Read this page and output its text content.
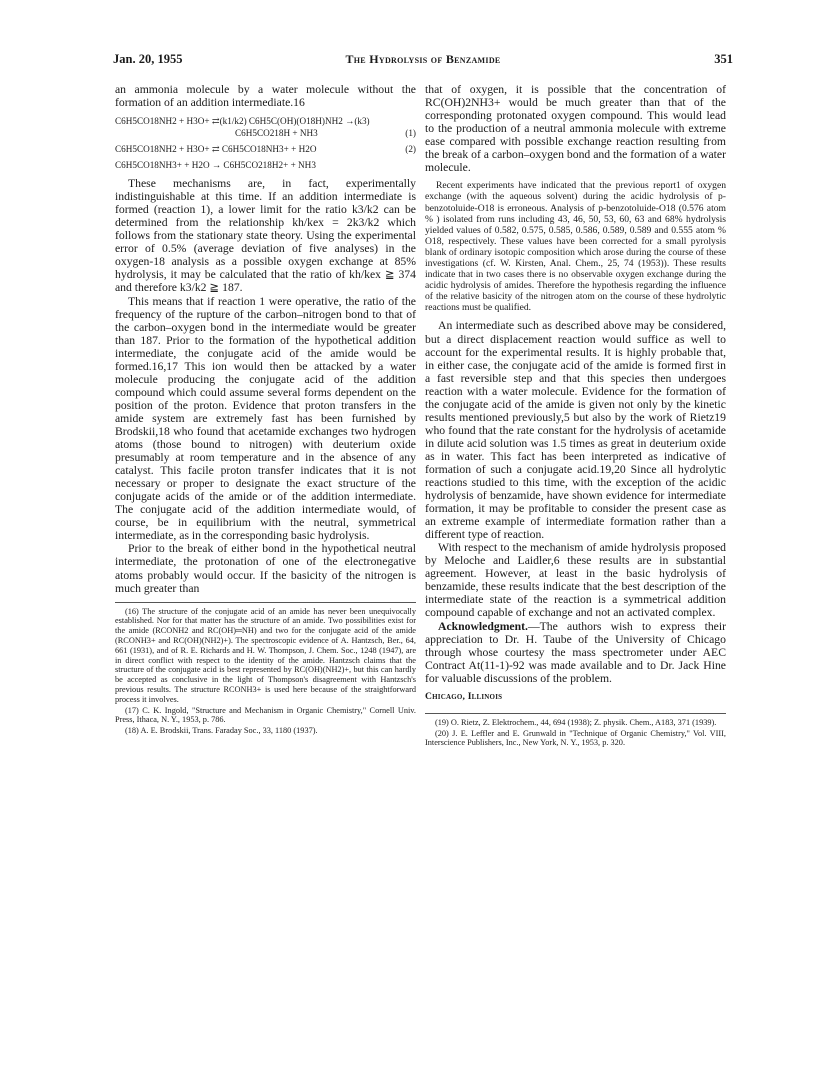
Jan. 20, 1955	The Hydrolysis of Benzamide	351

an ammonia molecule by a water molecule without the formation of an addition intermediate.16

C6H5CO18NH2 + H3O+ ⇄(k1/k2) C6H5C(OH)(O18H)NH2 →(k3)
C6H5CO218H + NH3	(1)
C6H5CO18NH2 + H3O+ ⇄ C6H5CO18NH3+ + H2O	(2)
C6H5CO18NH3+ + H2O → C6H5CO218H2+ + NH3

These mechanisms are, in fact, experimentally indistinguishable at this time. If an addition intermediate is formed (reaction 1), a lower limit for the ratio k3/k2 can be determined from the relationship kh/kex = 2k3/k2 which follows from the stationary state theory. Using the experimental error of 0.5% (average deviation of five analyses) in the oxygen-18 analysis as a possible oxygen exchange at 85% hydrolysis, it may be calculated that the ratio of kh/kex ≧ 374 and therefore k3/k2 ≧ 187.

This means that if reaction 1 were operative, the ratio of the frequency of the rupture of the carbon–nitrogen bond to that of the carbon–oxygen bond in the intermediate would be greater than 187. Prior to the formation of the hypothetical addition intermediate, the conjugate acid of the amide would be formed.16,17 This ion would then be attacked by a water molecule producing the conjugate acid of the addition compound which could assume several forms dependent on the position of the proton. Evidence that proton transfers in the amide system are extremely fast has been furnished by Brodskii,18 who found that acetamide exchanges two hydrogen atoms (those bound to nitrogen) with deuterium oxide presumably at room temperature and in the absence of any catalyst. This facile proton transfer indicates that it is not necessary or proper to designate the exact structure of the conjugate acids of the amide or of the addition intermediate. The conjugate acid of the addition intermediate would, of course, be in equilibrium with the neutral, symmetrical intermediate, as in the corresponding basic hydrolysis.

Prior to the break of either bond in the hypothetical neutral intermediate, the protonation of one of the electronegative atoms probably would occur. If the basicity of the nitrogen is much greater than

(16) The structure of the conjugate acid of an amide has never been unequivocally established. Nor for that matter has the structure of an amide. Two possibilities exist for the amide (RCONH2 and RC(OH)═NH) and two for the conjugate acid of the amide (RCONH3+ and RC(OH)(NH2)+). The spectroscopic evidence of A. Hantzsch, Ber., 64, 661 (1931), and of R. E. Richards and H. W. Thompson, J. Chem. Soc., 1248 (1947), are in direct conflict with respect to the identity of the amide. Hantzsch claims that the structure of the conjugate acid is best represented by RC(OH)(NH2)+, but this can hardly be accepted as conclusive in the light of Thompson's disagreement with Hantzsch's previous results. The structure RCONH3+ is used here because of the straightforward process it involves.

(17) C. K. Ingold, "Structure and Mechanism in Organic Chemistry," Cornell Univ. Press, Ithaca, N. Y., 1953, p. 786.

(18) A. E. Brodskii, Trans. Faraday Soc., 33, 1180 (1937).

that of oxygen, it is possible that the concentration of RC(OH)2NH3+ would be much greater than that of the corresponding protonated oxygen compound. This would lead to the production of a neutral ammonia molecule with extreme ease compared with possible exchange reaction resulting from the break of a carbon–oxygen bond and the formation of a water molecule.

Recent experiments have indicated that the previous report1 of oxygen exchange (with the aqueous solvent) during the acidic hydrolysis of p-benzotoluide-O18 is erroneous. Analysis of p-benzotoluide-O18 (0.576 atom % ) isolated from runs including 43, 46, 50, 53, 60, 63 and 68% hydrolysis yielded values of 0.582, 0.575, 0.585, 0.586, 0.589, 0.589 and 0.555 atom % O18, respectively. These values have been corrected for a small pyrolysis blank of ordinary isotopic composition which arose during the course of these investigations (cf. W. Kirsten, Anal. Chem., 25, 74 (1953)). These results indicate that in two cases there is no observable oxygen exchange during the acidic hydrolysis of amides. Therefore the hypothesis regarding the influence of the relative basicity of the nitrogen atom on the course of these hydrolytic reactions must be qualified.

An intermediate such as described above may be considered, but a direct displacement reaction would suffice as well to account for the experimental results. It is highly probable that, in either case, the conjugate acid of the amide is formed first in a fast reversible step and that this species then undergoes reaction with a water molecule. Evidence for the formation of the conjugate acid of the amide is given not only by the kinetic results mentioned previously,5 but also by the work of Rietz19 who found that the rate constant for the hydrolysis of acetamide in dilute acid solution was 1.5 times as great in deuterium oxide as in water. This fact has been interpreted as indicative of formation of such a conjugate acid.19,20 Since all hydrolytic reactions studied to this time, with the exception of the acidic hydrolysis of benzamide, have shown evidence for intermediate formation, it may be profitable to consider the present case as an extreme example of intermediate formation rather than a different type of reaction.

With respect to the mechanism of amide hydrolysis proposed by Meloche and Laidler,6 these results are in substantial agreement. However, at least in the basic hydrolysis of benzamide, these results indicate that the best description of the intermediate state of the reaction is a symmetrical addition compound capable of exchange and not an activated complex.

Acknowledgment.—The authors wish to express their appreciation to Dr. H. Taube of the University of Chicago through whose courtesy the mass spectrometer under AEC Contract At(11-1)-92 was made available and to Dr. Jack Hine for valuable discussions of the problem.

Chicago, Illinois

(19) O. Rietz, Z. Elektrochem., 44, 694 (1938); Z. physik. Chem., A183, 371 (1939).

(20) J. E. Leffler and E. Grunwald in "Technique of Organic Chemistry," Vol. VIII, Interscience Publishers, Inc., New York, N. Y., 1953, p. 320.
